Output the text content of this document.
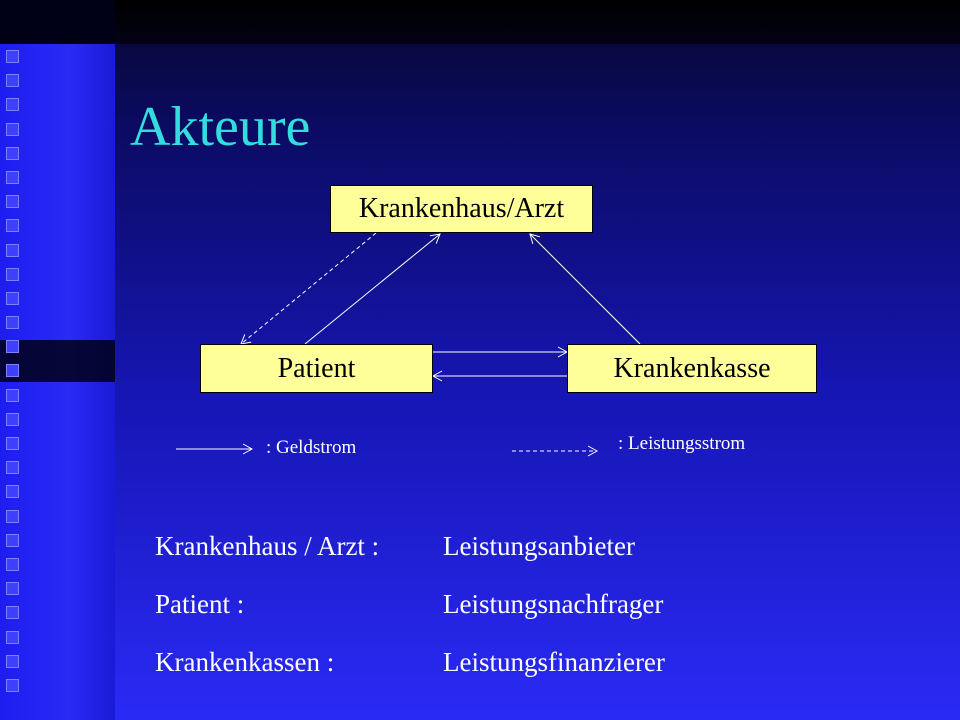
Akteure
Krankenhaus/Arzt
Patient	Krankenkasse
: Geldstrom	: Leistungsstrom
Krankenhaus / Arzt : Leistungsanbieter
Patient :	Leistungsnachfrager
Krankenkassen :	Leistungsfinanzierer
